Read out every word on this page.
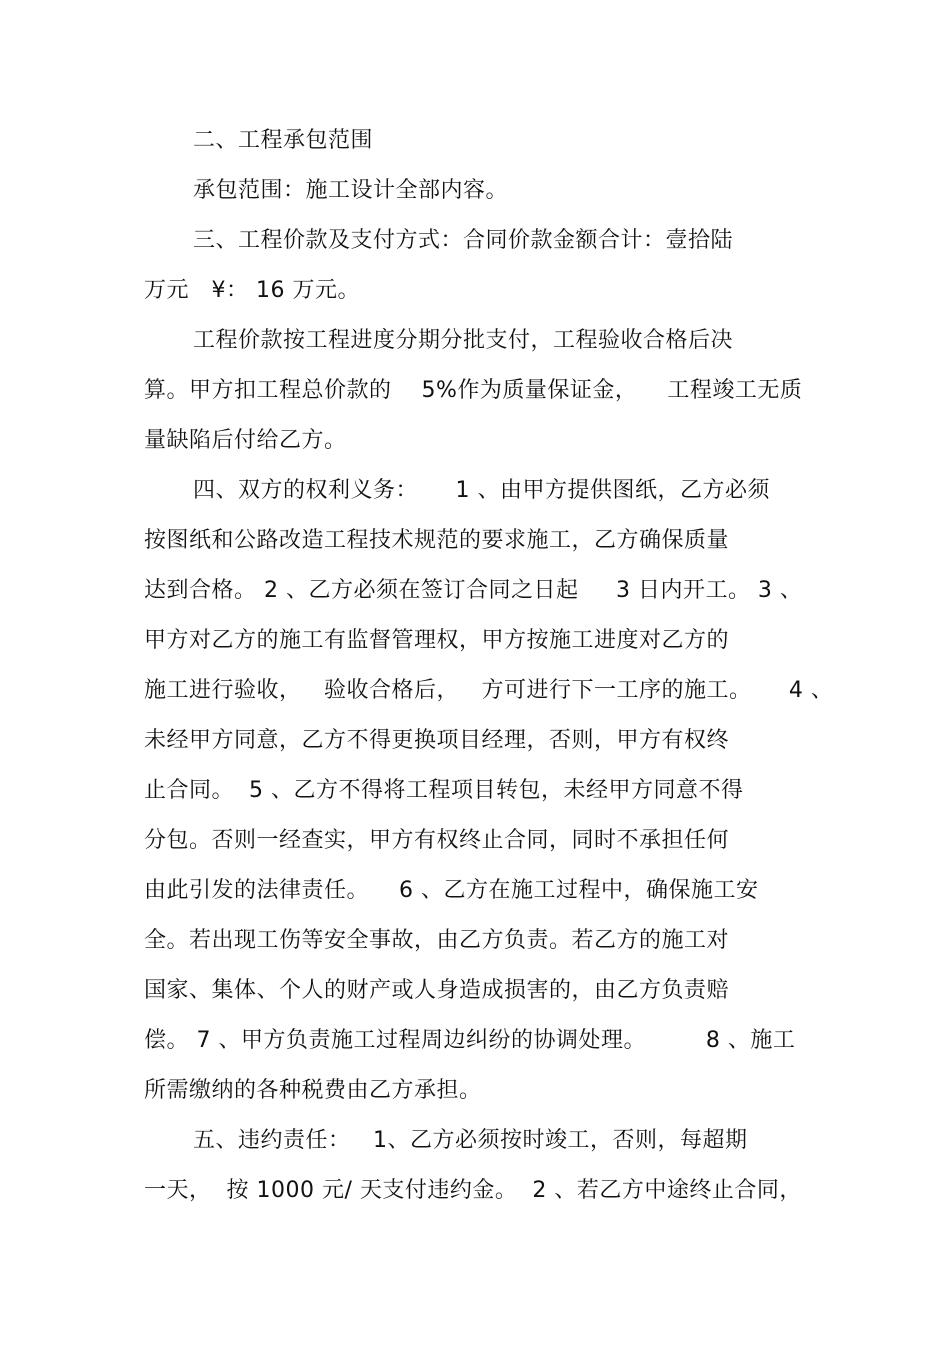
二、工程承包范围
承包范围：施工设计全部内容。
三、工程价款及支付方式：合同价款金额合计：壹拾陆
万元   ¥： 16 万元。
工程价款按工程进度分期分批支付，工程验收合格后决
算。甲方扣工程总价款的    5%作为质量保证金，    工程竣工无质
量缺陷后付给乙方。
四、双方的权利义务：     1 、由甲方提供图纸，乙方必须
按图纸和公路改造工程技术规范的要求施工，乙方确保质量
达到合格。 2 、乙方必须在签订合同之日起     3 日内开工。 3 、
甲方对乙方的施工有监督管理权，甲方按施工进度对乙方的
施工进行验收，   验收合格后，   方可进行下一工序的施工。     4 、
未经甲方同意，乙方不得更换项目经理，否则，甲方有权终
止合同。  5 、乙方不得将工程项目转包，未经甲方同意不得
分包。否则一经查实，甲方有权终止合同，同时不承担任何
由此引发的法律责任。    6 、乙方在施工过程中，确保施工安
全。若出现工伤等安全事故，由乙方负责。若乙方的施工对
国家、集体、个人的财产或人身造成损害的，由乙方负责赔
偿。 7 、甲方负责施工过程周边纠纷的协调处理。        8 、施工
所需缴纳的各种税费由乙方承担。
五、违约责任：   1、乙方必须按时竣工，否则，每超期
一天，  按 1000 元/ 天支付违约金。  2 、若乙方中途终止合同，
